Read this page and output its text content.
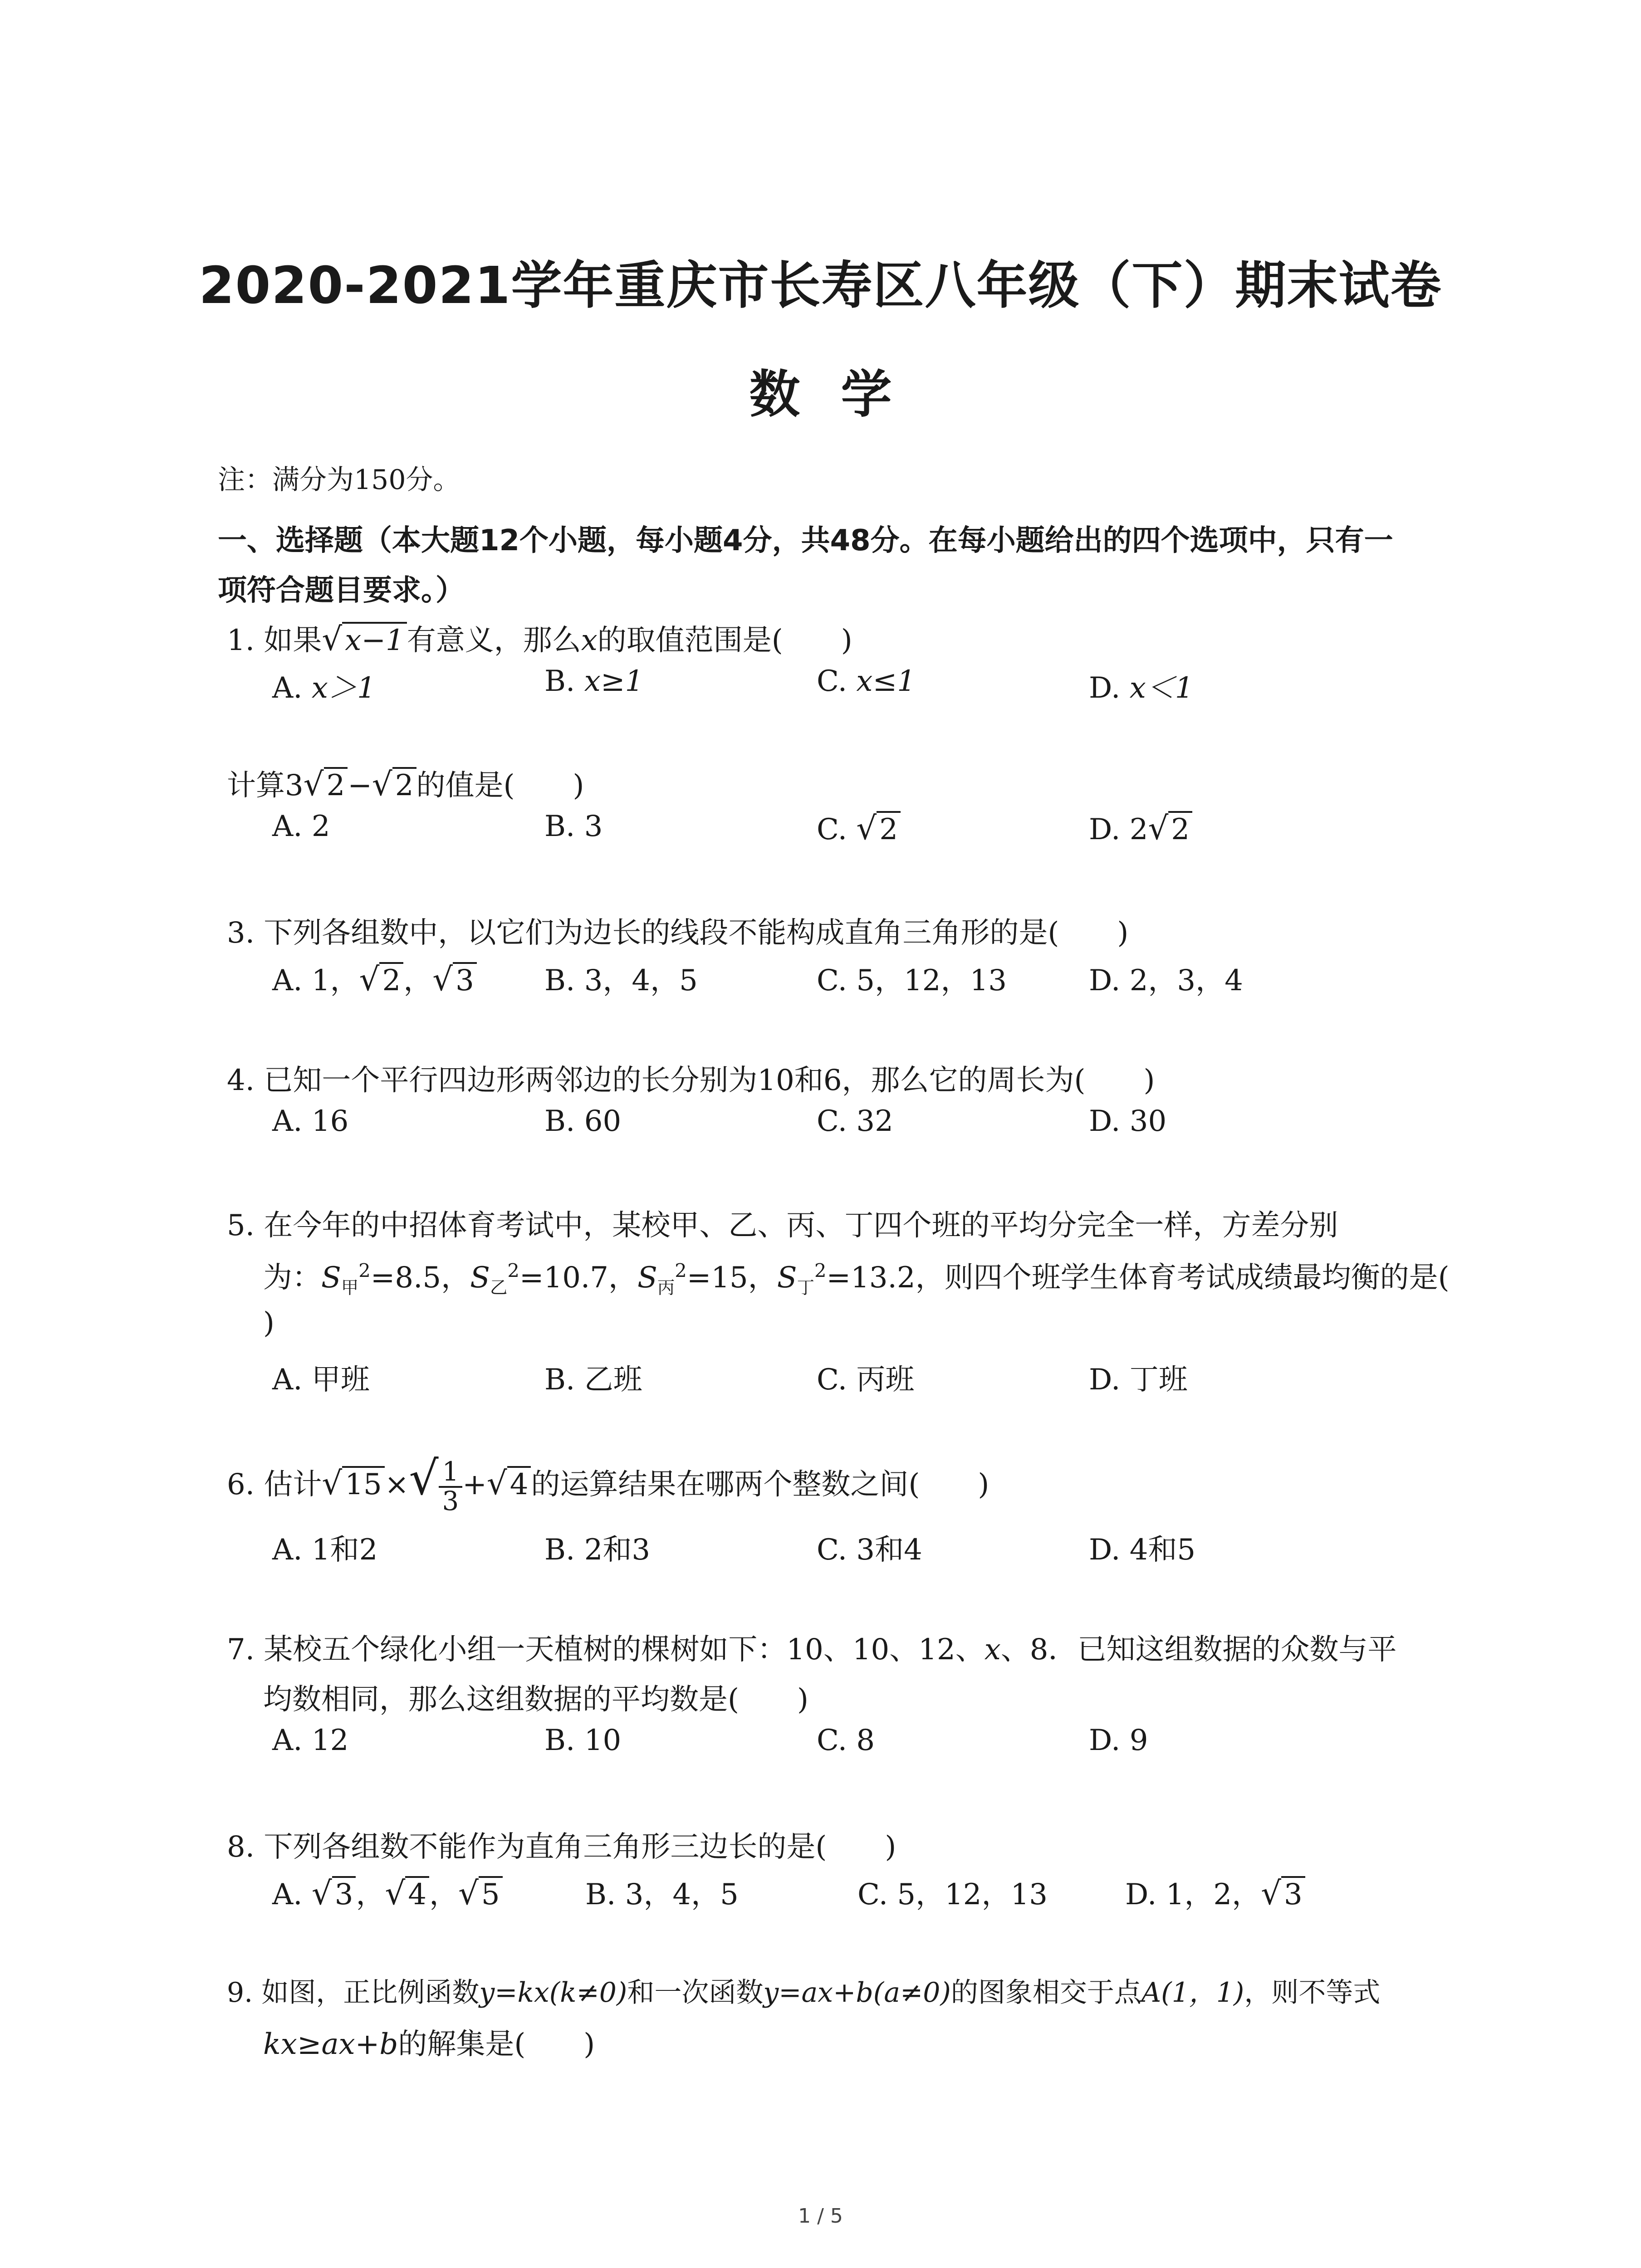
2020-2021学年重庆市长寿区八年级（下）期末试卷
数学
注：满分为150分。
一、选择题（本大题12个小题，每小题4分，共48分。在每小题给出的四个选项中，只有一
项符合题目要求。）
1. 如果√x−1有意义，那么x的取值范围是(　　)
A. x＞1	B. x≥1	C. x≤1	D. x＜1
计算3√2−√2的值是(　　)
A. 2	B. 3	C. √2	D. 2√2
3. 下列各组数中，以它们为边长的线段不能构成直角三角形的是(　　)
A. 1，√2，√3 B. 3，4，5	C. 5，12，13	D. 2，3，4
4. 已知一个平行四边形两邻边的长分别为10和6，那么它的周长为(　　)
A. 16	B. 60	C. 32	D. 30
5. 在今年的中招体育考试中，某校甲、乙、丙、丁四个班的平均分完全一样，方差分别
为：$S_甲^2=8.5$，$S_乙^2=10.7$，$S_丙^2=15$，$S_丁^2=13.2$，则四个班学生体育考试成绩最均衡的是(
)
A. 甲班	B. 乙班	C. 丙班	D. 丁班
6. 估计$√15\times√ \frac{1}{3} +√4$的运算结果在哪两个整数之间(　　)
A. 1和2	B. 2和3	C. 3和4	D. 4和5
7. 某校五个绿化小组一天植树的棵树如下：10、10、12、x、8．已知这组数据的众数与平
均数相同，那么这组数据的平均数是(　　)
A. 12	B. 10	C. 8	D. 9
8. 下列各组数不能作为直角三角形三边长的是(　　)
A. √3，√4，√5	B. 3，4，5	C. 5，12，13	D. 1，2，√3
9. 如图，正比例函数y=kx(k≠0)和一次函数y=ax+b(a≠0)的图象相交于点A(1，1)，则不等式
kx≥ax+b的解集是(　　)
1 / 5
